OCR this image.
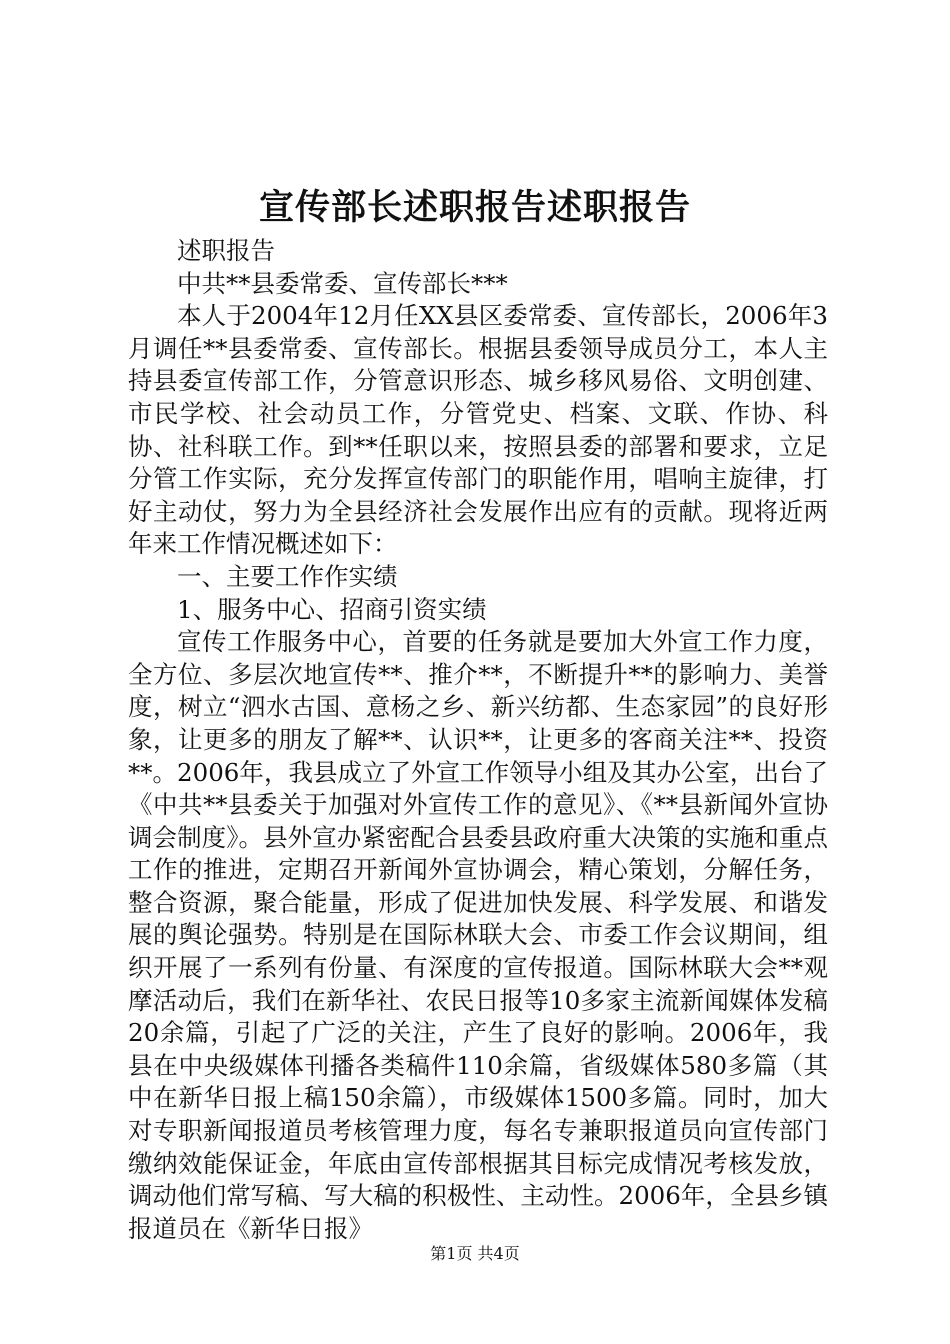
宣传部长述职报告述职报告

述职报告

中共**县委常委、宣传部长***

本人于2004年12月任XX县区委常委、宣传部长，2006年3月调任**县委常委、宣传部长。根据县委领导成员分工，本人主持县委宣传部工作，分管意识形态、城乡移风易俗、文明创建、市民学校、社会动员工作，分管党史、档案、文联、作协、科协、社科联工作。到**任职以来，按照县委的部署和要求，立足分管工作实际，充分发挥宣传部门的职能作用，唱响主旋律，打好主动仗，努力为全县经济社会发展作出应有的贡献。现将近两年来工作情况概述如下：

一、主要工作作实绩

1、服务中心、招商引资实绩

宣传工作服务中心，首要的任务就是要加大外宣工作力度，全方位、多层次地宣传**、推介**，不断提升**的影响力、美誉度，树立“泗水古国、意杨之乡、新兴纺都、生态家园”的良好形象，让更多的朋友了解**、认识**，让更多的客商关注**、投资**。2006年，我县成立了外宣工作领导小组及其办公室，出台了《中共**县委关于加强对外宣传工作的意见》、《**县新闻外宣协调会制度》。县外宣办紧密配合县委县政府重大决策的实施和重点工作的推进，定期召开新闻外宣协调会，精心策划，分解任务，整合资源，聚合能量，形成了促进加快发展、科学发展、和谐发展的舆论强势。特别是在国际林联大会、市委工作会议期间，组织开展了一系列有份量、有深度的宣传报道。国际林联大会**观摩活动后，我们在新华社、农民日报等10多家主流新闻媒体发稿20余篇，引起了广泛的关注，产生了良好的影响。2006年，我县在中央级媒体刊播各类稿件110余篇，省级媒体580多篇（其中在新华日报上稿150余篇），市级媒体1500多篇。同时，加大对专职新闻报道员考核管理力度，每名专兼职报道员向宣传部门缴纳效能保证金，年底由宣传部根据其目标完成情况考核发放，调动他们常写稿、写大稿的积极性、主动性。2006年，全县乡镇报道员在《新华日报》

第1页 共4页
